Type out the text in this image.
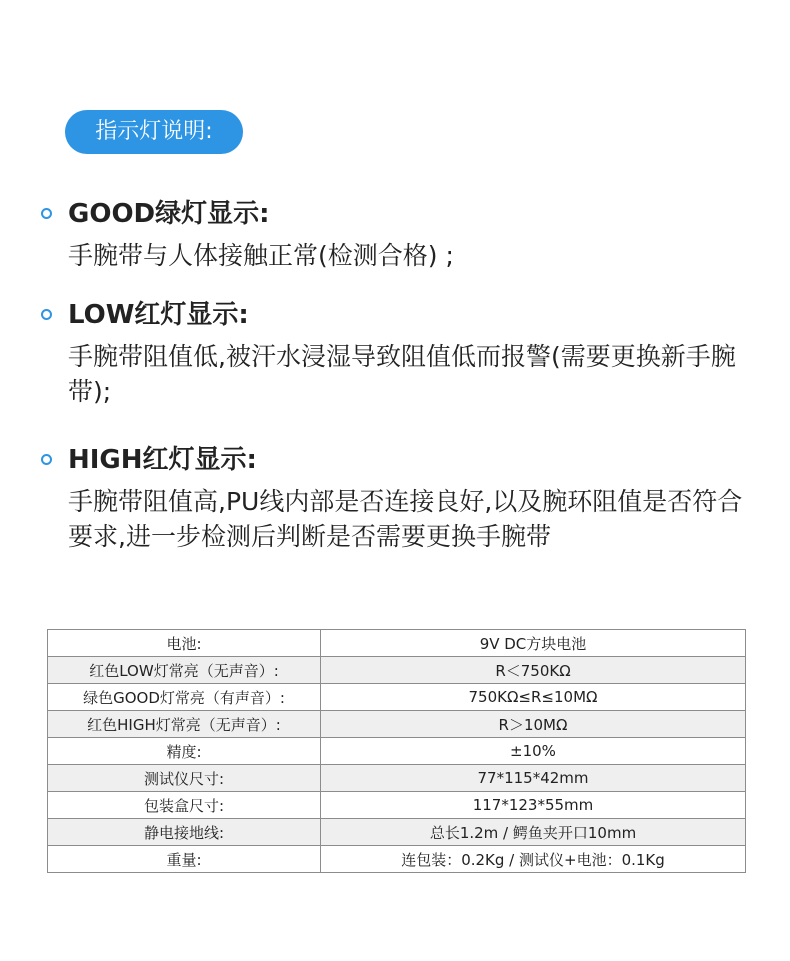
指示灯说明:
GOOD绿灯显示:
手腕带与人体接触正常(检测合格) ;
LOW红灯显示:
手腕带阻值低,被汗水浸湿导致阻值低而报警(需要更换新手腕带);
HIGH红灯显示:
手腕带阻值高,PU线内部是否连接良好,以及腕环阻值是否符合要求,进一步检测后判断是否需要更换手腕带
电池:	9V DC方块电池
红色LOW灯常亮（无声音）:	R＜750KΩ
绿色GOOD灯常亮（有声音）:	750KΩ≤R≤10MΩ
红色HIGH灯常亮（无声音）:	R＞10MΩ
精度:	±10%
测试仪尺寸:	77*115*42mm
包装盒尺寸:	117*123*55mm
静电接地线:	总长1.2m / 鳄鱼夹开口10mm
重量:	连包装：0.2Kg / 测试仪+电池：0.1Kg
